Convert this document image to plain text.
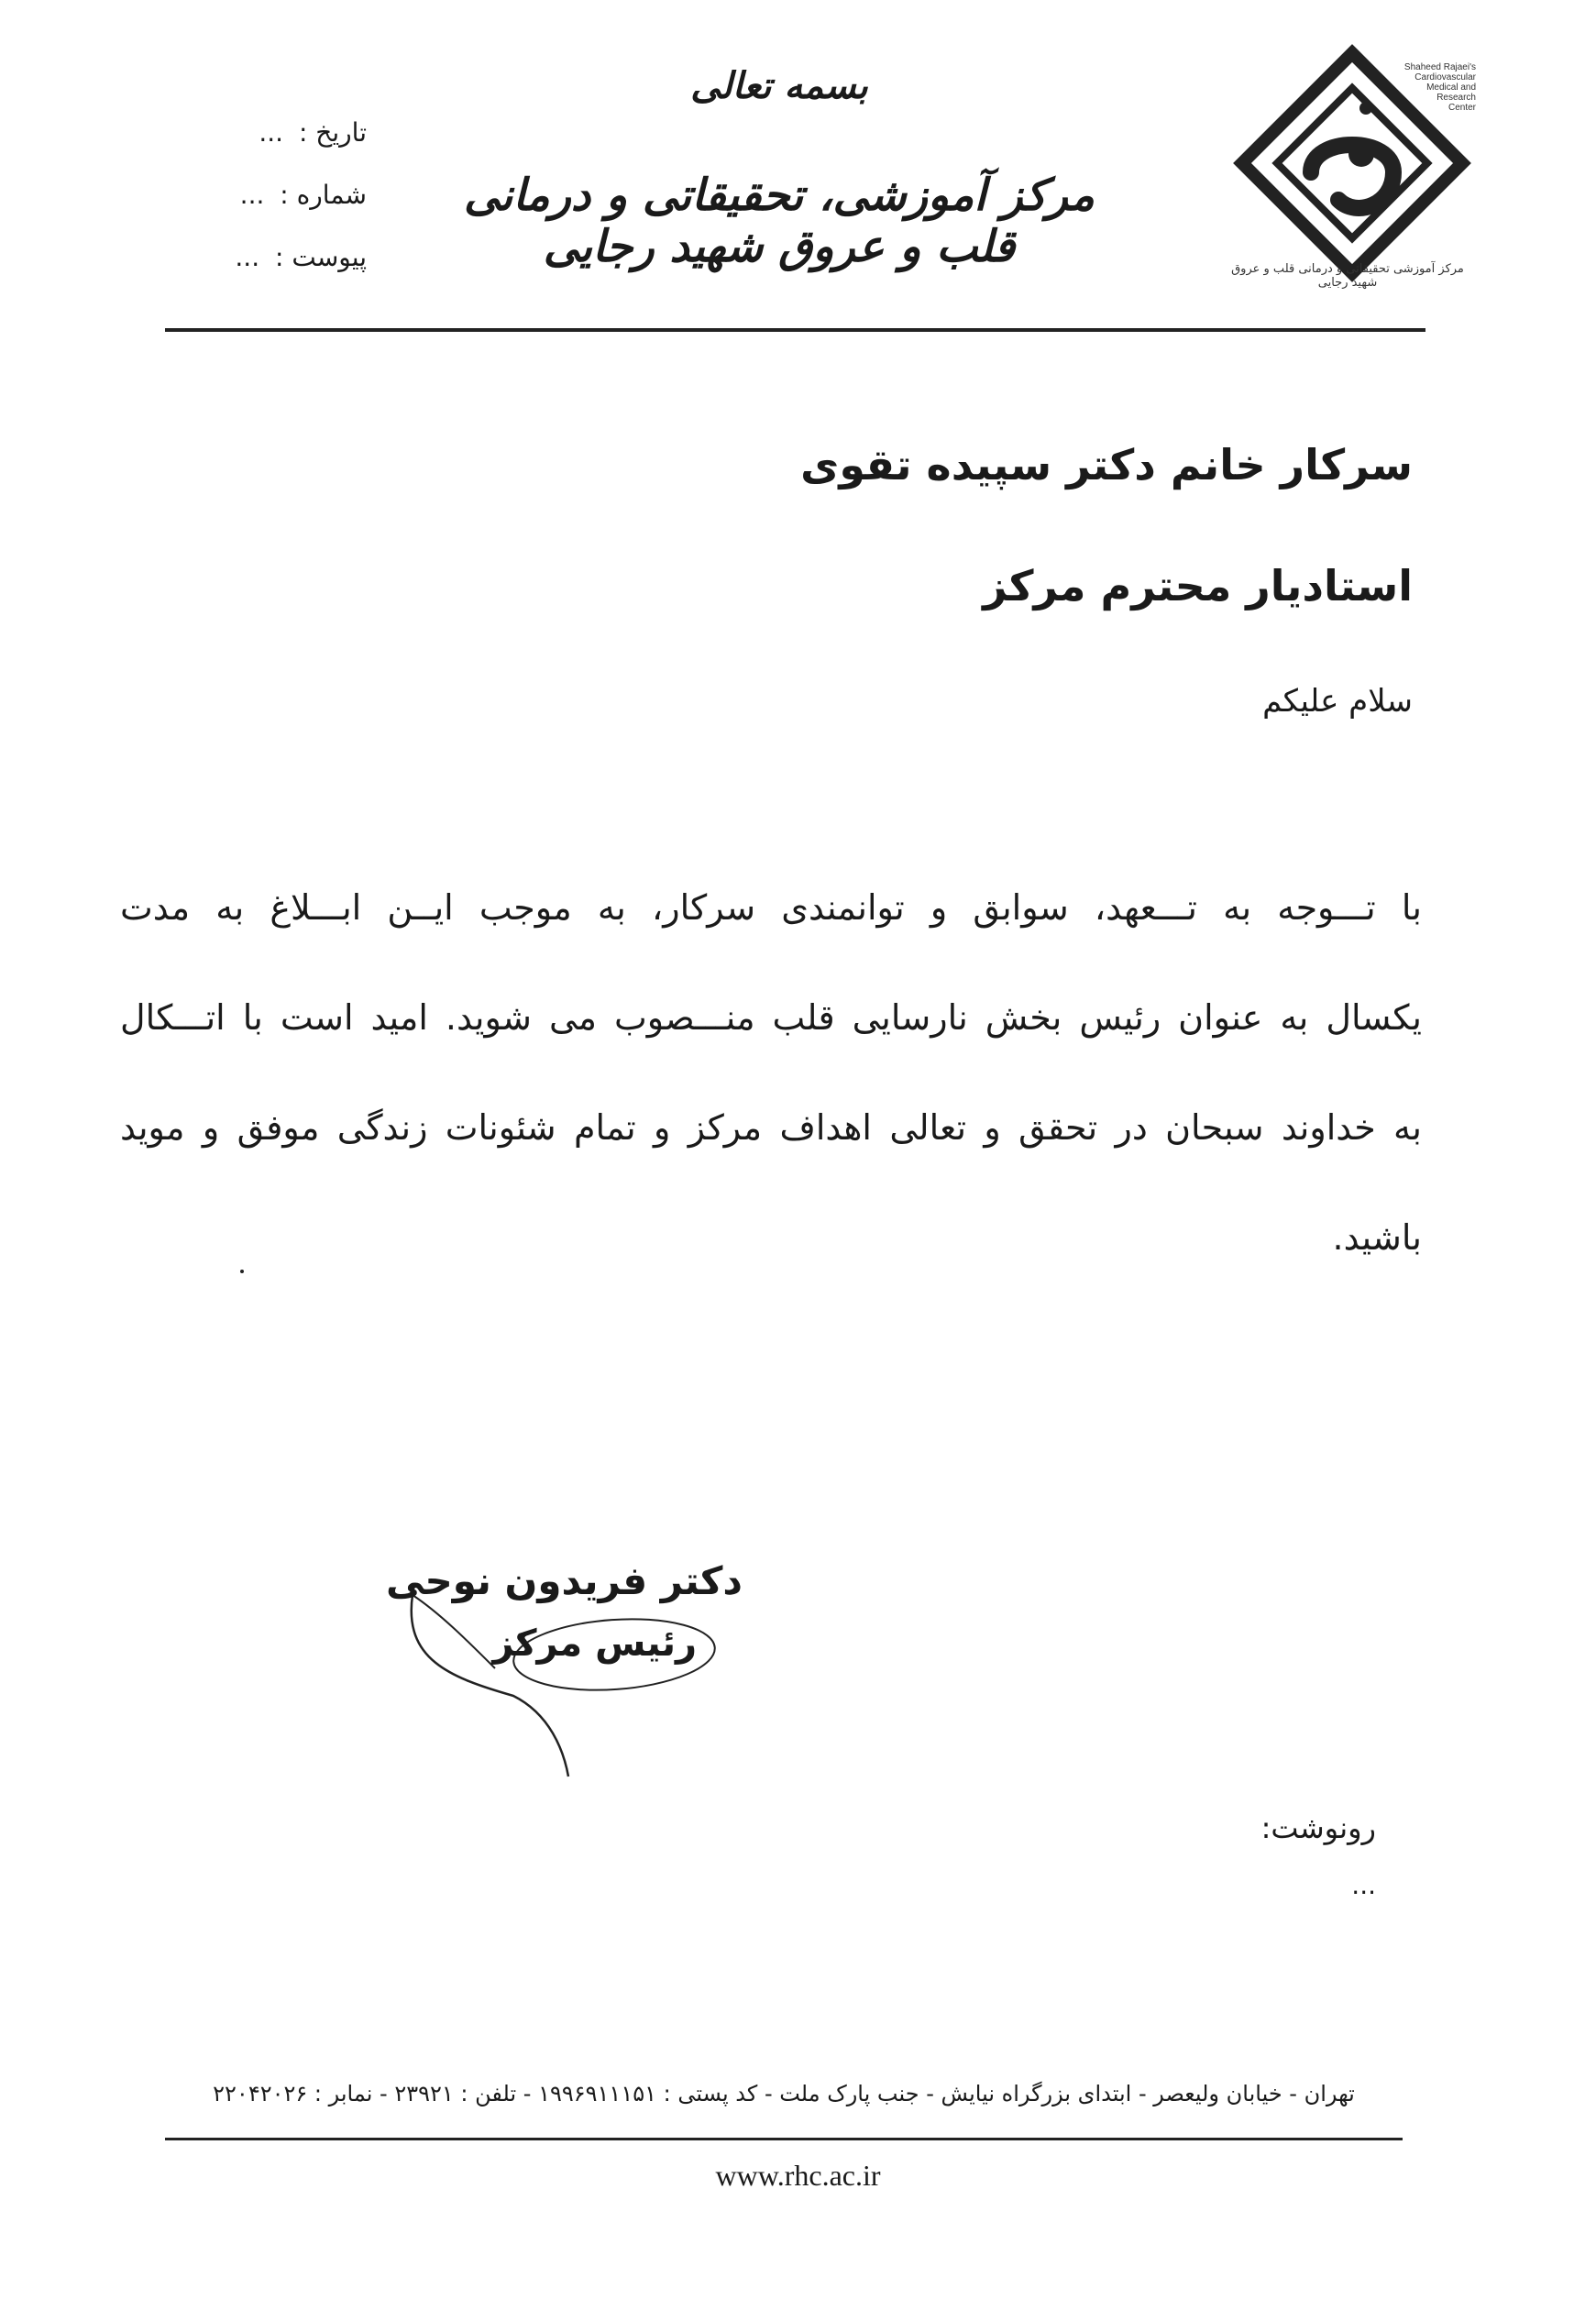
Shaheed Rajaei's
Cardiovascular
Medical and
Research
Center
مرکز آموزشی تحقیقاتی و درمانی قلب و عروق شهید رجایی
بسمه تعالی
مرکز آموزشی، تحقیقاتی و درمانی قلب و عروق شهید رجایی
تاریخ : ...
شماره : ...
پیوست : ...
سرکار خانم دکتر سپیده تقوی
استادیار محترم مرکز
سلام علیکم
با تـــوجه به تـــعهد، سوابق و توانمندی سرکار، به موجب ایــن ابـــلاغ به مدت
یکسال به عنوان رئیس بخش نارسایی قلب منـــصوب می شوید. امید است با اتـــکال
به خداوند سبحان در تحقق و تعالی اهداف مرکز و تمام شئونات زندگی موفق و موید
باشید.
دکتر فریدون نوحی
رئیس مرکز
رونوشت:
...
تهران - خیابان ولیعصر - ابتدای بزرگراه نیایش - جنب پارک ملت - کد پستی : ۱۹۹۶۹۱۱۱۵۱ - تلفن : ۲۳۹۲۱ - نمابر : ۲۲۰۴۲۰۲۶
www.rhc.ac.ir
